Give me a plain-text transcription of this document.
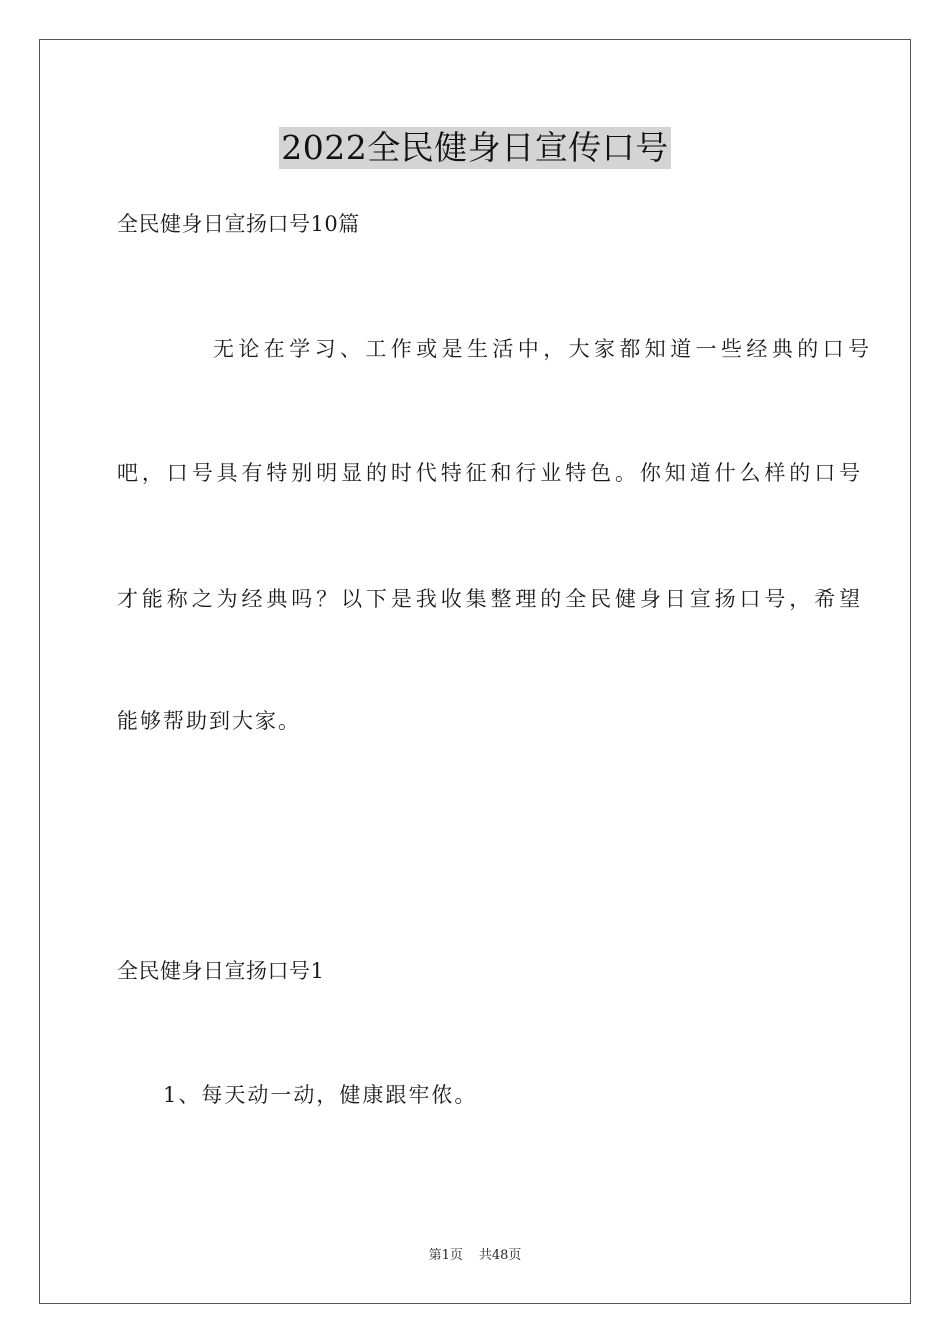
2022全民健身日宣传口号
全民健身日宣扬口号10篇
无论在学习、工作或是生活中，大家都知道一些经典的口号
吧，口号具有特别明显的时代特征和行业特色。你知道什么样的口号
才能称之为经典吗？以下是我收集整理的全民健身日宣扬口号，希望
能够帮助到大家。
全民健身日宣扬口号1
1、每天动一动，健康跟牢侬。
第1页 共48页
